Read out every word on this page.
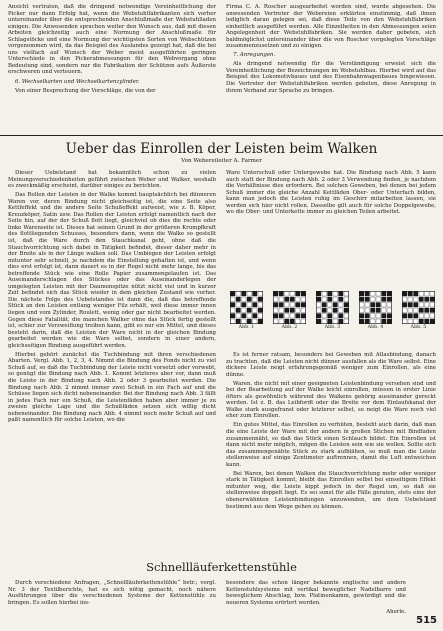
Ansicht vertraten, daß die dringend notwendige Vereinheitlichung der Picker nur dann Erfolg hat, wenn die Webstuhlfabrikanten sich vorher untereinander über die entsprechenden Anschlußmaße der Webstuhlladen einigen. Die Anwesenden sprachen weiter den Wunsch aus, daß mit diesen Arbeiten gleichzeitig auch eine Normung der Anschlußmaße für Schlagstöcke und eine Normung der wichtigsten Sorten von Webschützen vorgenommen wird, da das Beispiel des Auslandes gezeigt hat, daß die bei uns vielfach auf Wunsch der Weber meist ausgeführten geringen Unterschiede in den Pickerabmessungen für den Webvorgang ohne Bedeutung sind, sondern nur die Fabrikation der Schützen aufs Äußerste erschweren und verteuern.

6. Wechselkarten und Wechselkartenzylinder.

Von einer Besprechung der Vorschläge, die von der

Firma C. A. Roscher ausgearbeitet worden sind, wurde abgesehen. Die anwesenden Vertreter der Webereien erklärten einstimmig, daß ihnen lediglich daran gelegen sei, daß diese Teile von den Webstuhlfabriken einheitlich ausgeführt werden. Alle Einzelheiten in den Abmessungen seien Angelegenheit der Webstuhlfabriken. Sie werden daher gebeten, sich baldmöglichst untereinander über die von Roscher vorgelegten Vorschläge zusammenzusetzen und zu einigen.

7. Anregungen.

Als dringend notwendig für die Verständigung erweist sich die Vereinheitlichung der Bezeichnungen im Webstuhlbau. Hierbei wird auf das Beispiel des Lokomotivbaues und des Eisenbahnwagenbaues hingewiesen. Die Vertreter der Webstuhlfabriken werden gebeten, diese Anregung in ihrem Verband zur Sprache zu bringen.

Ueber das Einrollen der Leisten beim Walken
Von Webereileiter A. Farmer

Dieser Uebelstand hat bekanntlich schon zu vielen Meinungsverschiedenheiten geführt zwischen Weber und Walker, weshalb es zweckmäßig erscheint, darüber einiges zu berichten.

Das Rollen der Leisten in der Walke kommt hauptsächlich bei dünneren Waren vor, deren Bindung nicht gleichseitig ist, die eine Seite also Kettfeffekt und die andere Seite Schußeffekt aufweist, wie z. B. Köper, Kreuzköper, Satin usw. Das Rollen der Leisten erfolgt namentlich nach der Seite hin, auf der der Schuß flott liegt, gleichviel ob dies die rechte oder linke Warenseite ist. Dieses hat seinen Grund in der größeren Krumpfkraft des flottliegenden Schusses, besonders dann, wenn die Walke so gestellt ist, daß die Ware durch den Stauchkanal geht, ohne daß die Stauchvorrichtung sich dabei in Tätigkeit befindet, dieser daher mehr in der Breite als in der Länge walken soll. Das Umbiegen der Leisten erfolgt mitunter sehr schnell, je nachdem die Einstellung gehalten ist, und wenn dies erst erfolgt ist, dann dauert es in der Regel nicht mehr lange, bis das betreffende Stück wie eine Rolle Papier zusammengelaufen ist. Das Auseinanderschlagen des Stückes oder das Auseinanderlegen der umgelegten Leisten mit der Daumenspitze nützt nicht viel und in kurzer Zeit befindet sich das Stück wieder in dem gleichen Zustand wie vorher. Die nächste Folge des Uebelstandes ist dann die, daß das betreffende Stück an den Leisten entlang weniger Filz erhält, weil diese immer innen liegen und vom Zylinder, Roulett, wenig oder gar nicht bearbeitet werden. Gegen diese Fatalität, die manchen Walker ohne das Stück fertig gestellt ist, schier zur Verzweiflung treiben kann, gibt es nur ein Mittel, und dieses besteht darin, daß die Leisten der Ware nicht in der gleichen Bindung gearbeitet werden wie die Ware selbst, sondern in einer andern, gleichseitigen Bindung ausgeführt werden.

Hierbei gehört zunächst die Tuchbindung mit ihren verschiedenen Abarten. Vergl. Abb. 1, 2, 3, 4. Nimmt die Bindung des Fonds nicht zu viel Schuß auf, so daß die Tuchbindung der Leiste nicht vorsetzt oder vorwebt, so genügt die Bindung nach Abb. 1. Kommt letzteres aber vor, dann muß die Leiste in der Bindung nach Abb. 2 oder 3 gearbeitet werden. Die Bindung nach Abb. 2 nimmt immer zwei Schuß in ein Fach auf und die Schüsse liegen sich dicht nebeneinander. Bei der Bindung nach Abb. 3 fällt in jedes Fach nur ein Schuß, die Leistenfäden haben aber immer je zu zweien gleiche Lage und die Schußfäden setzen sich willig dicht nebeneinander. Die Bindung nach Abb. 4 nimmt noch mehr Schuß auf und paßt namentlich für solche Leisten, wo die

Ware Unterschuß oder Untergewebe hat. Die Bindung nach Abb. 5 kann auch statt der Bindung nach Abb. 2 oder 3 Verwendung finden, je nachdem die Verhältnisse dies erfordern. Bei solchen Geweben, bei denen bei jedem Schuß immer die gleiche Anzahl Kettfäden Ober- oder Unterfach bilden, kann man jedoch die Leisten ruhig im Geschirr mitarbeiten lassen, sie werden sich hier nicht rollen. Dasselbe gilt auch für solche Doppelgewebe, wo die Ober- und Unterkette immer zu gleichen Teilen arbeitet.

Abb. 1	Abb. 2	Abb. 3	Abb. 4	Abb. 5

Es ist ferner ratsam, besonders bei Geweben mit Atlasbindung, danach zu trachten, daß die Leisten nicht dünner ausfallen als die Ware selbst. Eine dickere Leiste neigt erfahrungsgemäß weniger zum Einrollen, als eine dünne.

Waren, die nicht mit einer geeigneten Leistenbindung versehen sind und bei der Bearbeitung auf der Walke leicht einrollen, müssen in erster Linie öfters als gewöhnlich während des Walkens gehörig auseinander gereckt werden. Ist z. B. das Leibfordt oder die Breite vor dem Einlaufskanal der Walke stark ausgefranst oder letzterer selbst, so neigt die Ware noch viel eher zum Einrollen.

Ein gutes Mittel, das Einrollen zu verhüten, besteht auch darin, daß man die eine Leiste der Ware mit der andern in großen Stichen mit Bindfaden zusammennäht, so daß das Stück einen Schlauch bildet. Ein Einrollen ist dann nicht mehr möglich, mögen die Leisten sein wie sie wollen. Sollte sich das zusammengenähte Stück zu stark aufblähen, so muß man die Leiste stellenweise auf einige Zentimeter auftrennen, damit die Luft entweichen kann.

Bei Waren, bei denen Walken die Stauchvorrichtung mehr oder weniger stark in Tätigkeit kommt, bleibt das Einrollen selbst bei einseitigem Effekt mitunter weg, die Leiste kippt jedoch in der Regel um, so daß sie stellenweise doppelt liegt. Es sei sonst für alle Fälle geraten, stets eine der obenerwähnten Leistenbindungen anzuwenden, um dem Uebelstand bestimmt aus dem Wege gehen zu können.

Schnellläuferkettenstühle

Durch verschiedene Anfragen, „Schnellläuferkettenstühle“ betr.; vergl. Nr. 3 der Textilberichte, hat es sich nötig gemacht, noch nähere Ausführungen über die verschiedenen Systeme der Kettenstühle zu bringen. Es sollen hierbei ins-

besondere das schon länger bekannte englische und andere Kettenstuhlsysteme mit vertikal beweglicher Nadelbarre und beweglichem Abschlag, bzw. Platinenkamm, gewürdigt und die neueren Systeme erörtert werden.

Aherle.

515
